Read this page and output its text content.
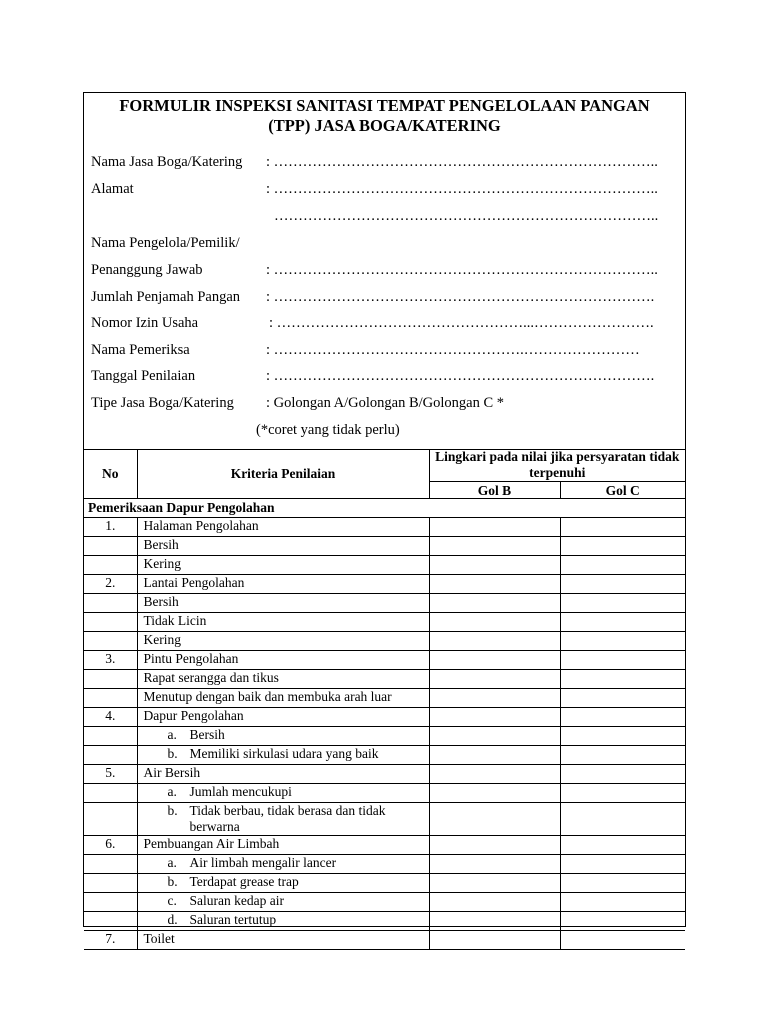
FORMULIR INSPEKSI SANITASI TEMPAT PENGELOLAAN PANGAN
(TPP) JASA BOGA/KATERING
Nama Jasa Boga/Katering : ……………………………………………………………………..
Alamat	: ……………………………………………………………………..
……………………………………………………………………..
Nama Pengelola/Pemilik/
Penanggung Jawab	: ……………………………………………………………………..
Jumlah Penjamah Pangan : …………………………………………………………………….
Nomor Izin Usaha	: ……………………………………………...…………………….
Nama Pemeriksa	: …………………………………………….……………………
Tanggal Penilaian	: …………………………………………………………………….
Tipe Jasa Boga/Katering : Golongan A/Golongan B/Golongan C *
(*coret yang tidak perlu)
No	Kriteria Penilaian	Lingkari pada nilai jika persyaratan tidak terpenuhi	
		Gol B	Gol C
Pemeriksaan Dapur Pengolahan			
1.	Halaman Pengolahan		
	Bersih		
	Kering		
2.	Lantai Pengolahan		
	Bersih		
	Tidak Licin		
	Kering		
3.	Pintu Pengolahan		
	Rapat serangga dan tikus		
	Menutup dengan baik dan membuka arah luar		
4.	Dapur Pengolahan		
	a. Bersih		
	b. Memiliki sirkulasi udara yang baik		
5.	Air Bersih		
	a. Jumlah mencukupi		
	b. Tidak berbau, tidak berasa dan tidak
berwarna		
6.	Pembuangan Air Limbah		
	a. Air limbah mengalir lancer		
	b. Terdapat grease trap		
	c. Saluran kedap air		
	d. Saluran tertutup		
7.	Toilet		
